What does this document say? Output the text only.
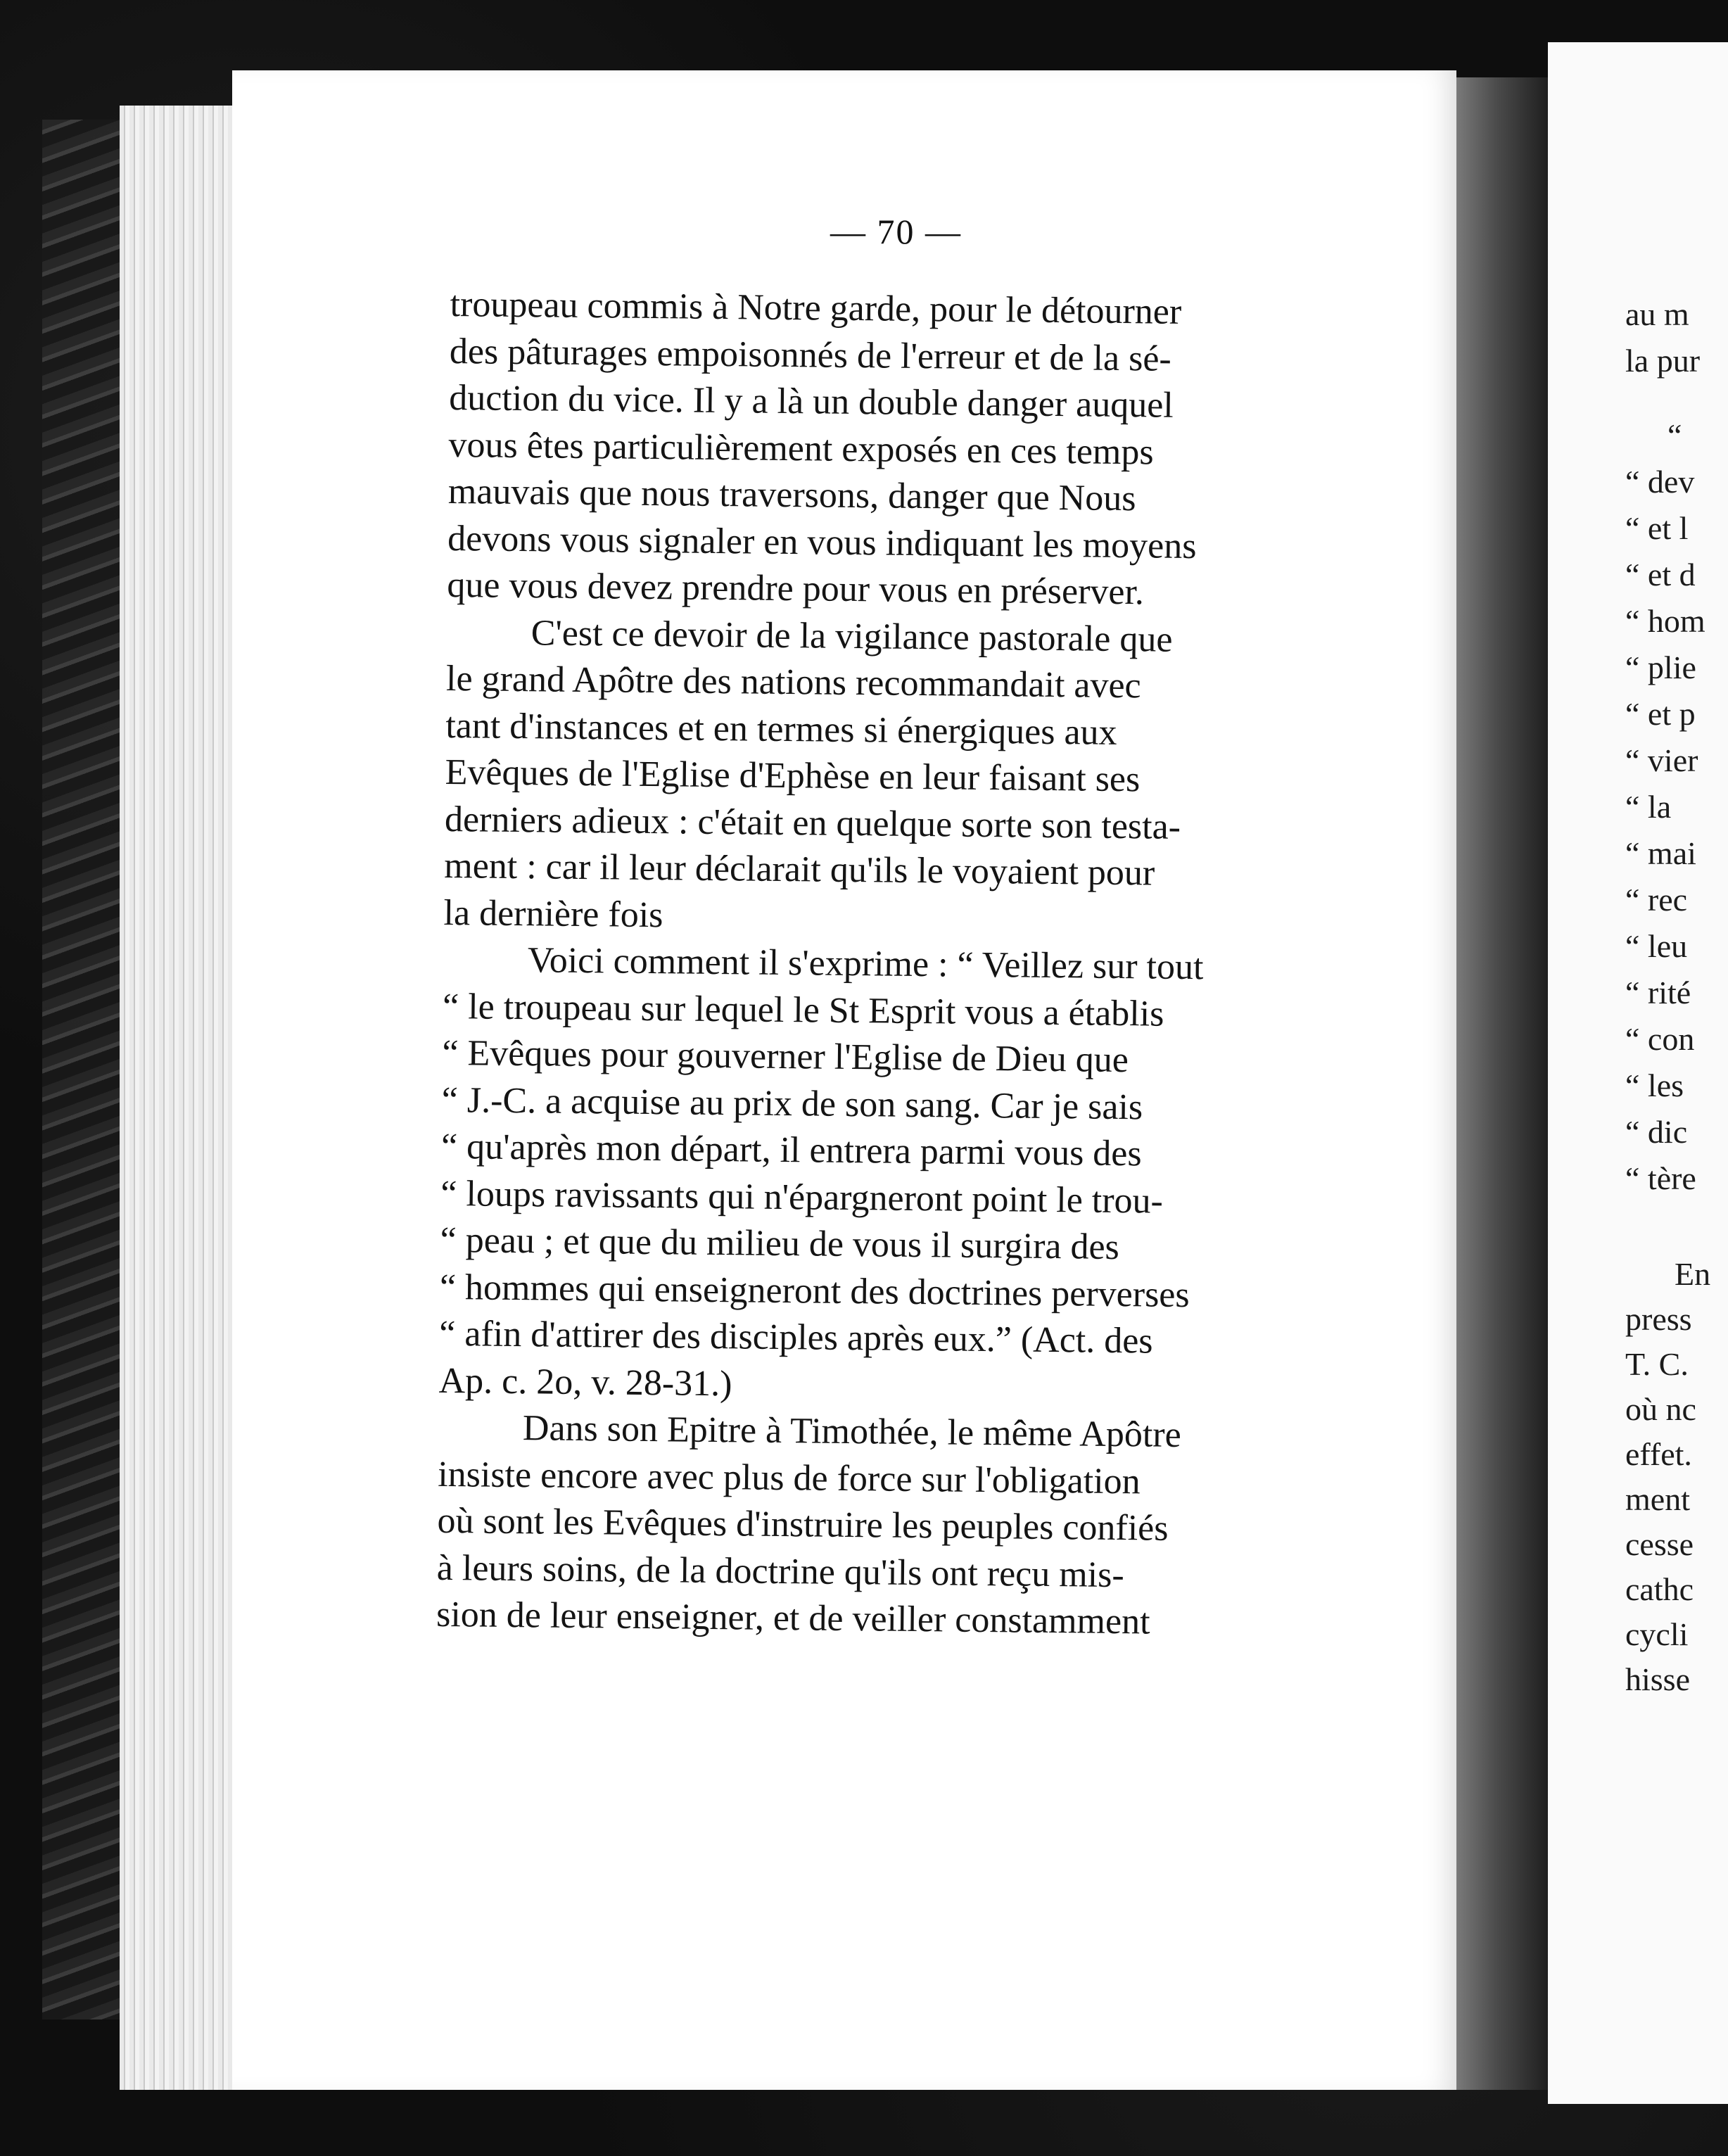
— 70 —
troupeau commis à Notre garde, pour le détourner
des pâturages empoisonnés de l'erreur et de la sé-
duction du vice. Il y a là un double danger auquel
vous êtes particulièrement exposés en ces temps
mauvais que nous traversons, danger que Nous
devons vous signaler en vous indiquant les moyens
que vous devez prendre pour vous en préserver.
C'est ce devoir de la vigilance pastorale que
le grand Apôtre des nations recommandait avec
tant d'instances et en termes si énergiques aux
Evêques de l'Eglise d'Ephèse en leur faisant ses
derniers adieux : c'était en quelque sorte son testa-
ment : car il leur déclarait qu'ils le voyaient pour
la dernière fois
Voici comment il s'exprime : “ Veillez sur tout
“ le troupeau sur lequel le St Esprit vous a établis
“ Evêques pour gouverner l'Eglise de Dieu que
“ J.-C. a acquise au prix de son sang. Car je sais
“ qu'après mon départ, il entrera parmi vous des
“ loups ravissants qui n'épargneront point le trou-
“ peau ; et que du milieu de vous il surgira des
“ hommes qui enseigneront des doctrines perverses
“ afin d'attirer des disciples après eux.” (Act. des
Ap. c. 2o, v. 28-31.)
Dans son Epitre à Timothée, le même Apôtre
insiste encore avec plus de force sur l'obligation
où sont les Evêques d'instruire les peuples confiés
à leurs soins, de la doctrine qu'ils ont reçu mis-
sion de leur enseigner, et de veiller constamment
au m
la pur
“
“ dev
“ et l
“ et d
“ hom
“ plie
“ et p
“ vier
“ la
“ mai
“ rec
“ leu
“ rité
“ con
“ les
“ dic
“ tère
En
press
T. C.
où nc
effet.
ment
cesse
cathc
cycli
hisse
